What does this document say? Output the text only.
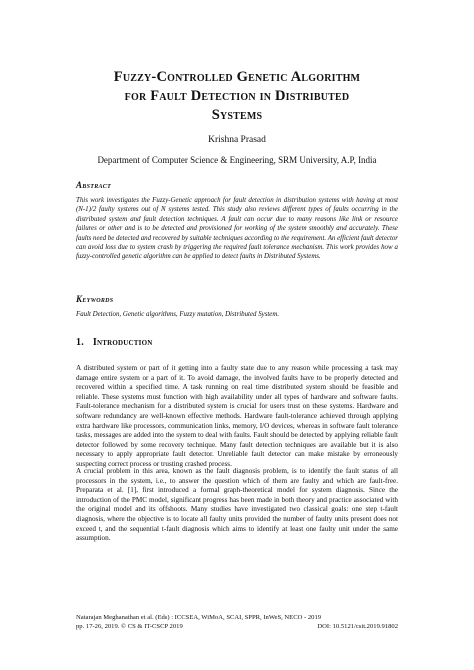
Fuzzy-Controlled Genetic Algorithm
for Fault Detection in Distributed
Systems
Krishna Prasad
Department of Computer Science & Engineering, SRM University, A.P, India
Abstract
This work investigates the Fuzzy-Genetic approach for fault detection in distribution systems with having at most (N-1)/2 faulty systems out of N systems tested. This study also reviews different types of faults occurring in the distributed system and fault detection techniques. A fault can occur due to many reasons like link or resource failures or other and is to be detected and provisioned for working of the system smoothly and accurately. These faults need be detected and recovered by suitable techniques according to the requirement. An efficient fault detector can avoid loss due to system crash by triggering the required fault tolerance mechanism. This work provides how a fuzzy-controlled genetic algorithm can be applied to detect faults in Distributed Systems.
Keywords
Fault Detection, Genetic algorithms, Fuzzy mutation, Distributed System.
1. Introduction
A distributed system or part of it getting into a faulty state due to any reason while processing a task may damage entire system or a part of it. To avoid damage, the involved faults have to be properly detected and recovered within a specified time. A task running on real time distributed system should be feasible and reliable. These systems must function with high availability under all types of hardware and software faults. Fault-tolerance mechanism for a distributed system is crucial for users trust on these systems. Hardware and software redundancy are well-known effective methods. Hardware fault-tolerance achieved through applying extra hardware like processors, communication links, memory, I/O devices, whereas in software fault tolerance tasks, messages are added into the system to deal with faults. Fault should be detected by applying reliable fault detector followed by some recovery technique. Many fault detection techniques are available but it is also necessary to apply appropriate fault detector. Unreliable fault detector can make mistake by erroneously suspecting correct process or trusting crashed process.
A crucial problem in this area, known as the fault diagnosis problem, is to identify the fault status of all processors in the system, i.e., to answer the question which of them are faulty and which are fault-free. Preparata et al. [1], first introduced a formal graph-theoretical model for system diagnosis. Since the introduction of the PMC model, significant progress has been made in both theory and practice associated with the original model and its offshoots. Many studies have investigated two classical goals: one step t-fault diagnosis, where the objective is to locate all faulty units provided the number of faulty units present does not exceed t, and the sequential t-fault diagnosis which aims to identify at least one faulty unit under the same assumption.
Natarajan Meghanathan et al. (Eds) : ICCSEA, WiMoA, SCAI, SPPR, InWeS, NECO - 2019
pp. 17-26, 2019. © CS & IT-CSCP 2019	DOI: 10.5121/csit.2019.91802
